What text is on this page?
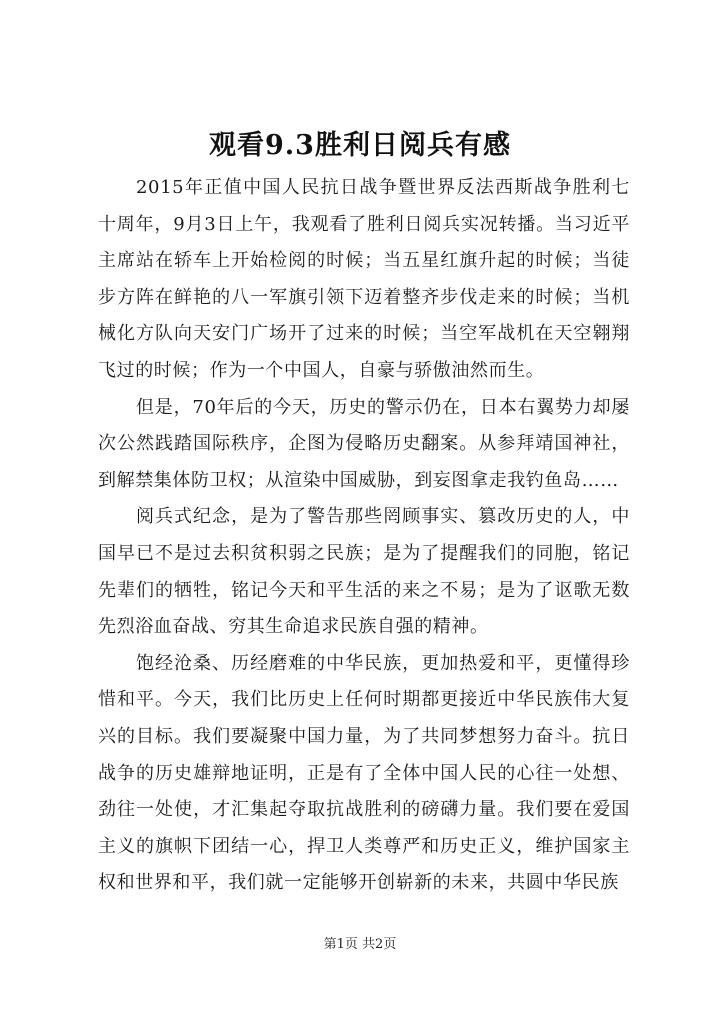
观看9.3胜利日阅兵有感

2015年正值中国人民抗日战争暨世界反法西斯战争胜利七十周年，9月3日上午，我观看了胜利日阅兵实况转播。当习近平主席站在轿车上开始检阅的时候；当五星红旗升起的时候；当徒步方阵在鲜艳的八一军旗引领下迈着整齐步伐走来的时候；当机械化方队向天安门广场开了过来的时候；当空军战机在天空翱翔飞过的时候；作为一个中国人，自豪与骄傲油然而生。

但是，70年后的今天，历史的警示仍在，日本右翼势力却屡次公然践踏国际秩序，企图为侵略历史翻案。从参拜靖国神社，到解禁集体防卫权；从渲染中国威胁，到妄图拿走我钓鱼岛……

阅兵式纪念，是为了警告那些罔顾事实、篡改历史的人，中国早已不是过去积贫积弱之民族；是为了提醒我们的同胞，铭记先辈们的牺牲，铭记今天和平生活的来之不易；是为了讴歌无数先烈浴血奋战、穷其生命追求民族自强的精神。

饱经沧桑、历经磨难的中华民族，更加热爱和平，更懂得珍惜和平。今天，我们比历史上任何时期都更接近中华民族伟大复兴的目标。我们要凝聚中国力量，为了共同梦想努力奋斗。抗日战争的历史雄辩地证明，正是有了全体中国人民的心往一处想、劲往一处使，才汇集起夺取抗战胜利的磅礴力量。我们要在爱国主义的旗帜下团结一心，捍卫人类尊严和历史正义，维护国家主权和世界和平，我们就一定能够开创崭新的未来，共圆中华民族

第1页 共2页
